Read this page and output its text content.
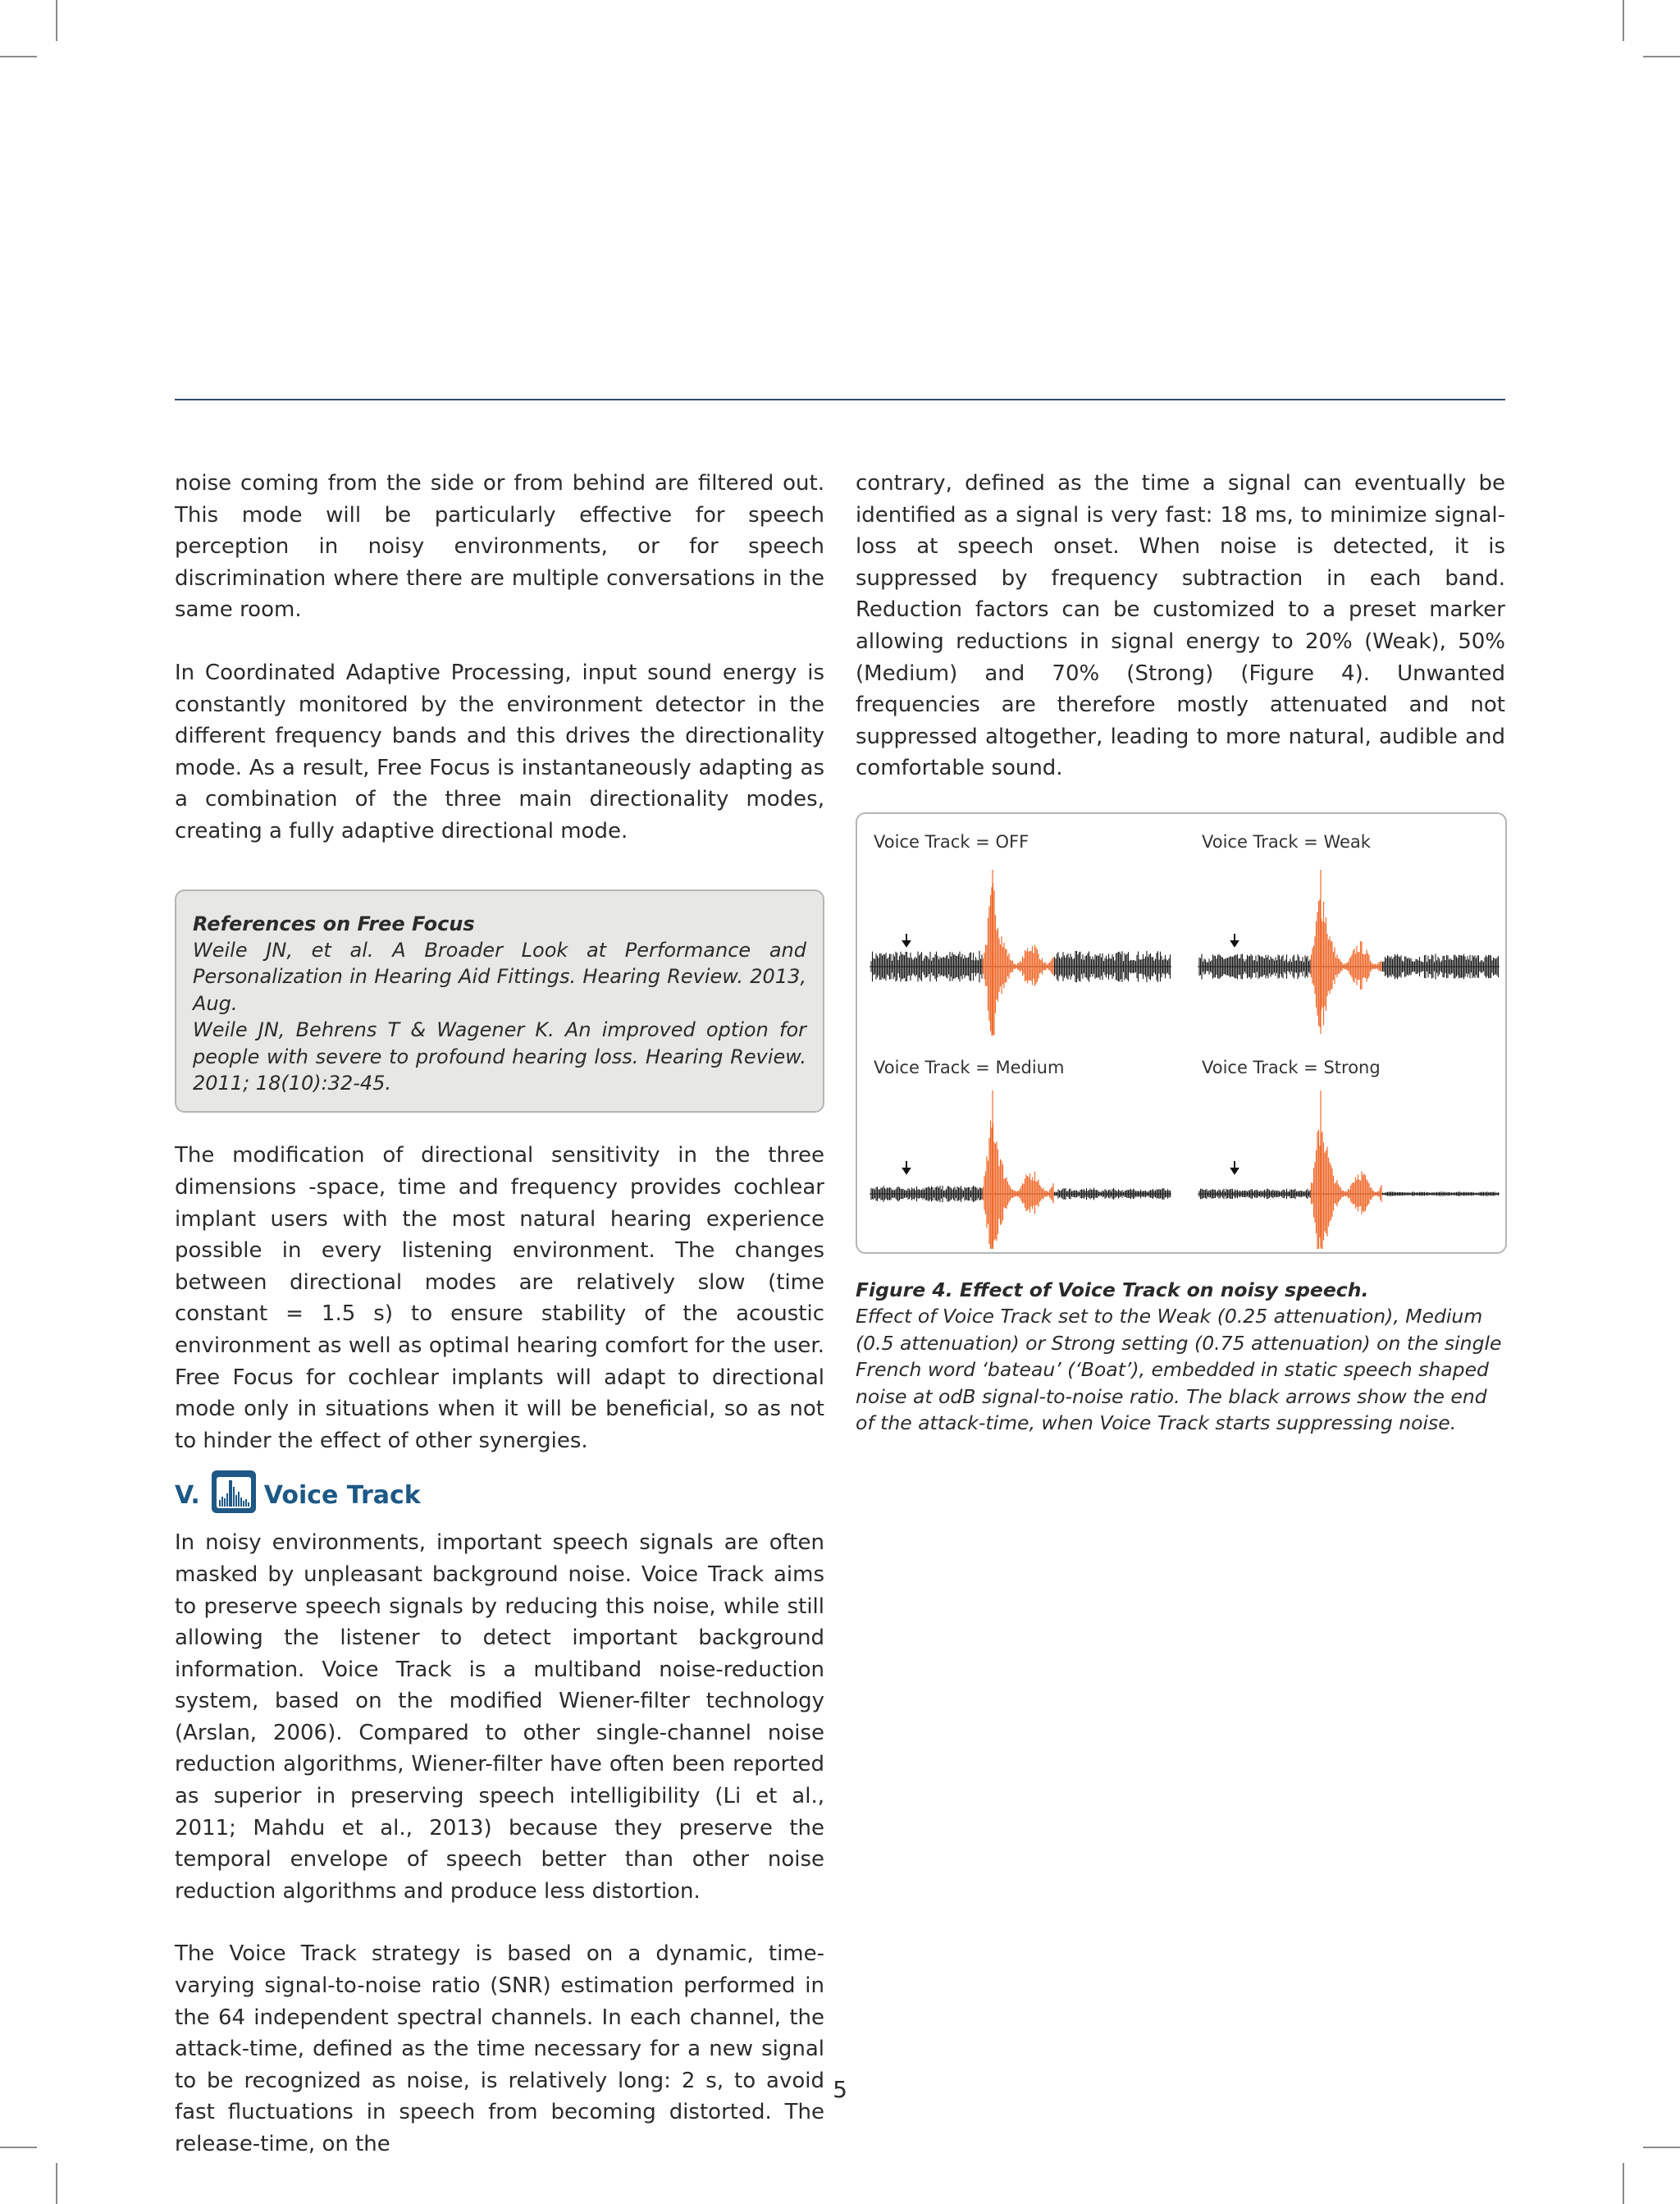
noise coming from the side or from behind are filtered out. This mode will be particularly effective for speech perception in noisy environments, or for speech discrimination where there are multiple conversations in the same room.

In Coordinated Adaptive Processing, input sound energy is constantly monitored by the environment detector in the different frequency bands and this drives the directionality mode. As a result, Free Focus is instantaneously adapting as a combination of the three main directionality modes, creating a fully adaptive directional mode.

References on Free Focus
Weile JN, et al. A Broader Look at Performance and Personalization in Hearing Aid Fittings. Hearing Review. 2013, Aug.
Weile JN, Behrens T & Wagener K. An improved option for people with severe to profound hearing loss. Hearing Review. 2011; 18(10):32-45.

The modification of directional sensitivity in the three dimensions -space, time and frequency provides cochlear implant users with the most natural hearing experience possible in every listening environment. The changes between directional modes are relatively slow (time constant = 1.5 s) to ensure stability of the acoustic environment as well as optimal hearing comfort for the user. Free Focus for cochlear implants will adapt to directional mode only in situations when it will be beneficial, so as not to hinder the effect of other synergies.

V.	Voice Track

In noisy environments, important speech signals are often masked by unpleasant background noise. Voice Track aims to preserve speech signals by reducing this noise, while still allowing the listener to detect important background information. Voice Track is a multiband noise-reduction system, based on the modified Wiener-filter technology (Arslan, 2006). Compared to other single-channel noise reduction algorithms, Wiener-filter have often been reported as superior in preserving speech intelligibility (Li et al., 2011; Mahdu et al., 2013) because they preserve the temporal envelope of speech better than other noise reduction algorithms and produce less distortion.

The Voice Track strategy is based on a dynamic, time-varying signal-to-noise ratio (SNR) estimation performed in the 64 independent spectral channels. In each channel, the attack-time, defined as the time necessary for a new signal to be recognized as noise, is relatively long: 2 s, to avoid fast fluctuations in speech from becoming distorted. The release-time, on the

contrary, defined as the time a signal can eventually be identified as a signal is very fast: 18 ms, to minimize signal-loss at speech onset. When noise is detected, it is suppressed by frequency subtraction in each band. Reduction factors can be customized to a preset marker allowing reductions in signal energy to 20% (Weak), 50% (Medium) and 70% (Strong) (Figure 4). Unwanted frequencies are therefore mostly attenuated and not suppressed altogether, leading to more natural, audible and comfortable sound.

Voice Track = OFF	Voice Track = Weak
Voice Track = Medium	Voice Track = Strong
Figure 4. Effect of Voice Track on noisy speech.
Effect of Voice Track set to the Weak (0.25 attenuation), Medium (0.5 attenuation) or Strong setting (0.75 attenuation) on the single French word ‘bateau’ (‘Boat’), embedded in static speech shaped noise at odB signal-to-noise ratio. The black arrows show the end of the attack-time, when Voice Track starts suppressing noise.
5
